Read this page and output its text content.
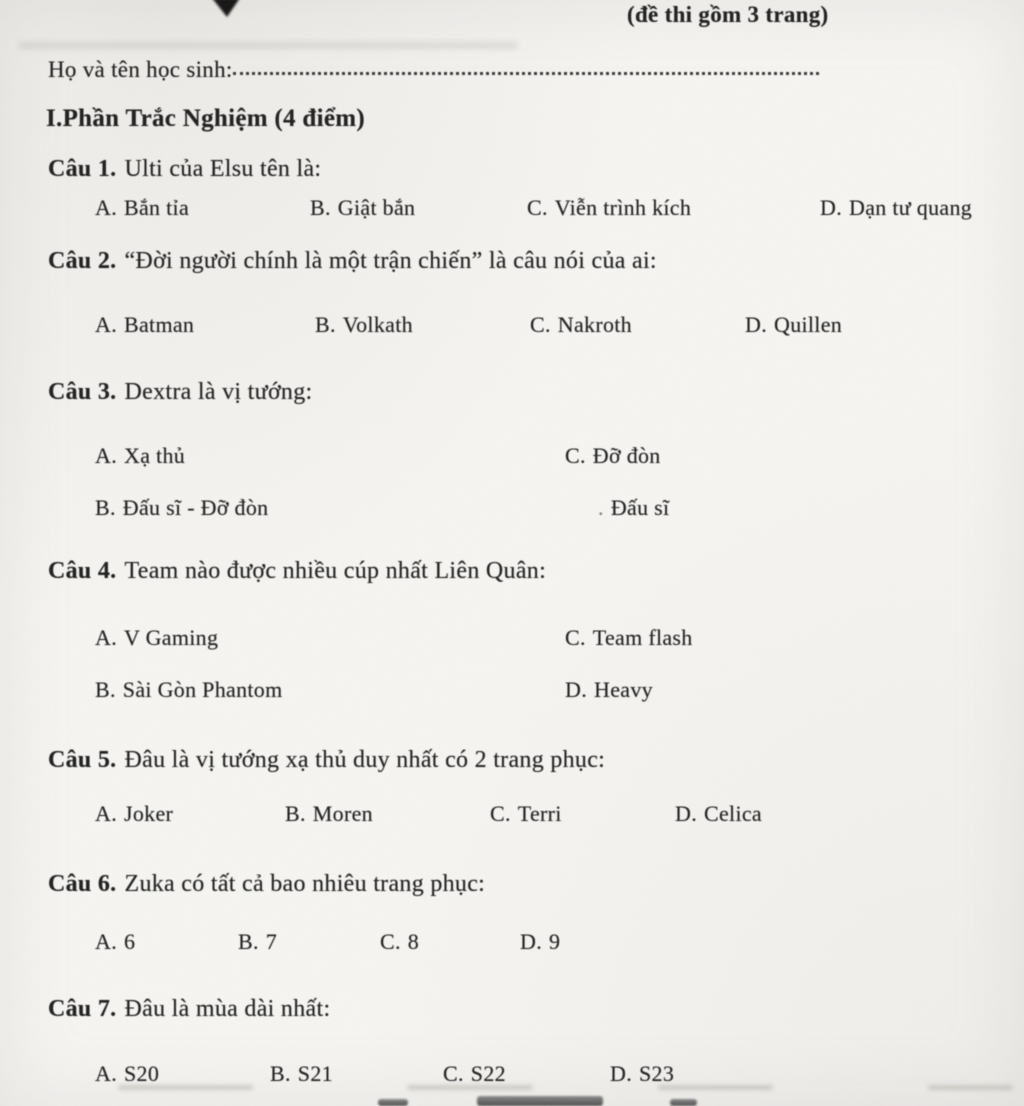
(đề thi gồm 3 trang)
Họ và tên học sinh:
I.Phần Trắc Nghiệm (4 điểm)
Câu 1. Ulti của Elsu tên là:
A. Bắn tỉa	B. Giật bắn	C. Viễn trình kích	D. Dạn tư quang
Câu 2. “Đời người chính là một trận chiến” là câu nói của ai:
A. Batman	B. Volkath	C. Nakroth	D. Quillen
Câu 3. Dextra là vị tướng:
A. Xạ thủ	C. Đỡ đòn
B. Đấu sĩ - Đỡ đòn	. Đấu sĩ
Câu 4. Team nào được nhiều cúp nhất Liên Quân:
A. V Gaming	C. Team flash
B. Sài Gòn Phantom	D. Heavy
Câu 5. Đâu là vị tướng xạ thủ duy nhất có 2 trang phục:
A. Joker	B. Moren	C. Terri	D. Celica
Câu 6. Zuka có tất cả bao nhiêu trang phục:
A. 6	B. 7	C. 8	D. 9
Câu 7. Đâu là mùa dài nhất:
A. S20	B. S21	C. S22	D. S23
